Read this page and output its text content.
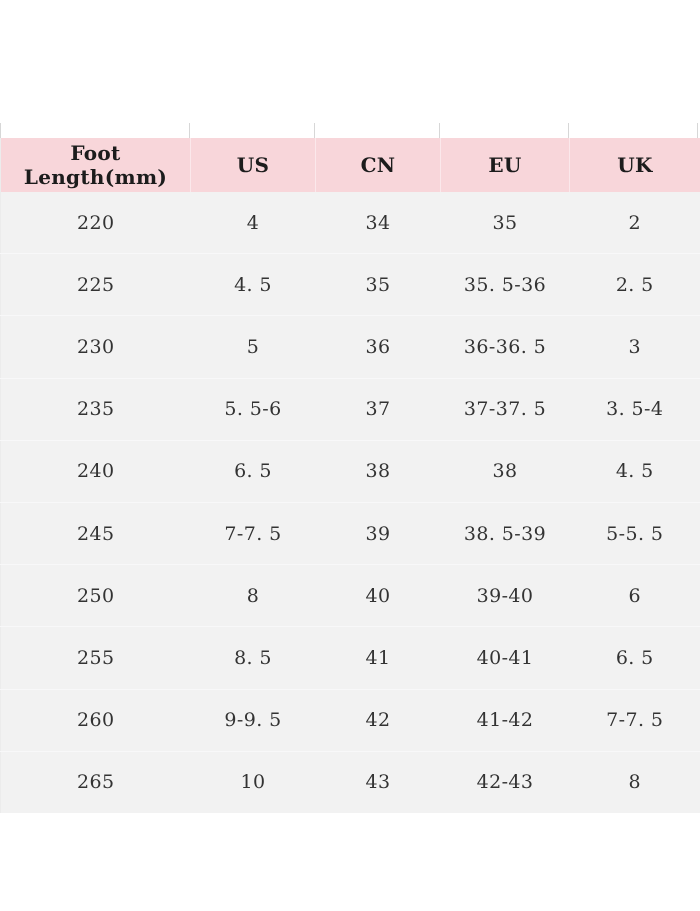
Foot Length(mm)	US	CN	EU	UK
220	4	34	35	2
225	4. 5	35	35. 5-36	2. 5
230	5	36	36-36. 5	3
235	5. 5-6	37	37-37. 5	3. 5-4
240	6. 5	38	38	4. 5
245	7-7. 5	39	38. 5-39	5-5. 5
250	8	40	39-40	6
255	8. 5	41	40-41	6. 5
260	9-9. 5	42	41-42	7-7. 5
265	10	43	42-43	8
